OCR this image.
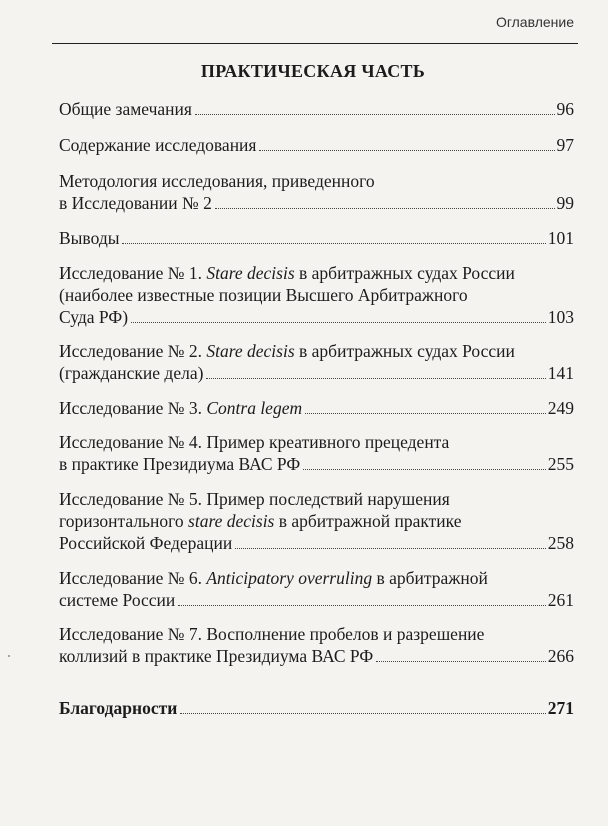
Оглавление
ПРАКТИЧЕСКАЯ ЧАСТЬ
Общие замечания	96
Содержание исследования	97
Методология исследования, приведенного
в Исследовании № 2	99
Выводы	101
Исследование № 1. Stare decisis в арбитражных судах России
(наиболее известные позиции Высшего Арбитражного
Суда РФ)	103
Исследование № 2. Stare decisis в арбитражных судах России
(гражданские дела)	141
Исследование № 3. Contra legem	249
Исследование № 4. Пример креативного прецедента
в практике Президиума ВАС РФ	255
Исследование № 5. Пример последствий нарушения
горизонтального stare decisis в арбитражной практике
Российской Федерации	258
Исследование № 6. Anticipatory overruling в арбитражной
системе России	261
Исследование № 7. Восполнение пробелов и разрешение
коллизий в практике Президиума ВАС РФ	266
Благодарности	271
